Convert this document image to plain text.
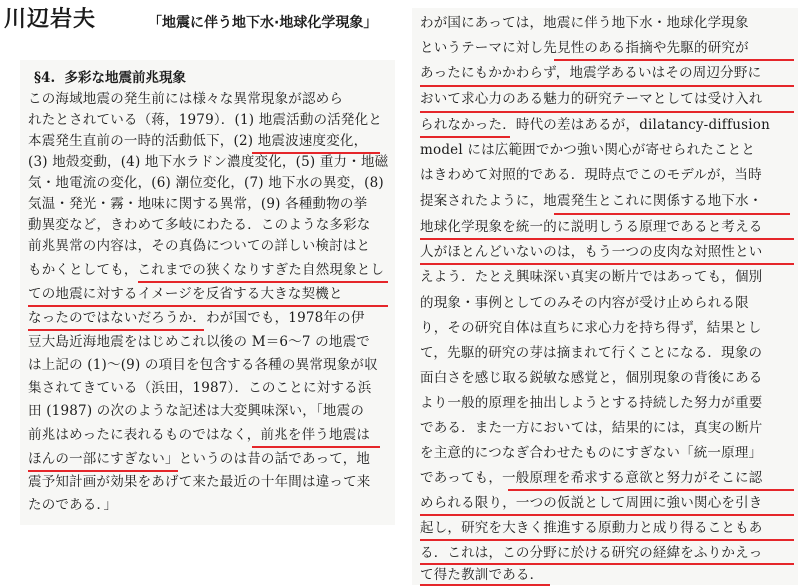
川辺岩夫	「地震に伴う地下水·地球化学現象」
§4.  多彩な地震前兆現象
この海域地震の発生前には様々な異常現象が認めら
れたとされている（蒋，1979）．(1) 地震活動の活発化と
本震発生直前の一時的活動低下，(2) 地震波速度変化，
(3) 地殻変動，(4) 地下水ラドン濃度変化，(5) 重力・地磁
気・地電流の変化，(6) 潮位変化，(7) 地下水の異変，(8)
気温・発光・霧・地味に関する異常，(9) 各種動物の挙
動異変など，きわめて多岐にわたる．このような多彩な
前兆異常の内容は，その真偽についての詳しい検討はと
もかくとしても，これまでの狭くなりすぎた自然現象とし
ての地震に対するイメージを反省する大きな契機と
なったのではないだろうか．わが国でも，1978年の伊
豆大島近海地震をはじめこれ以後の M＝6〜7 の地震で
は上記の (1)〜(9) の項目を包含する各種の異常現象が収
集されてきている（浜田，1987）．このことに対する浜
田 (1987) の次のような記述は大変興味深い，「地震の
前兆はめったに表れるものではなく，前兆を伴う地震は
ほんの一部にすぎない」というのは昔の話であって，地
震予知計画が効果をあげて来た最近の十年間は違って来
たのである．」
わが国にあっては，地震に伴う地下水・地球化学現象
というテーマに対し先見性のある指摘や先駆的研究が
あったにもかかわらず，地震学あるいはその周辺分野に
おいて求心力のある魅力的研究テーマとしては受け入れ
られなかった．時代の差はあるが，dilatancy-diffusion
model には広範囲でかつ強い関心が寄せられたことと
はきわめて対照的である．現時点でこのモデルが，当時
提案されたように，地震発生とこれに関係する地下水・
地球化学現象を統一的に説明しうる原理であると考える
人がほとんどいないのは，もう一つの皮肉な対照性とい
えよう．たとえ興味深い真実の断片ではあっても，個別
的現象・事例としてのみその内容が受け止められる限
り，その研究自体は直ちに求心力を持ち得ず，結果とし
て，先駆的研究の芽は摘まれて行くことになる．現象の
面白さを感じ取る鋭敏な感覚と，個別現象の背後にある
より一般的原理を抽出しようとする持続した努力が重要
である．また一方においては，結果的には，真実の断片
を主意的につなぎ合わせたものにすぎない「統一原理」
であっても，一般原理を希求する意欲と努力がそこに認
められる限り，一つの仮説として周囲に強い関心を引き
起し，研究を大きく推進する原動力と成り得ることもあ
る．これは，この分野に於ける研究の経緯をふりかえっ
て得た教訓である．
